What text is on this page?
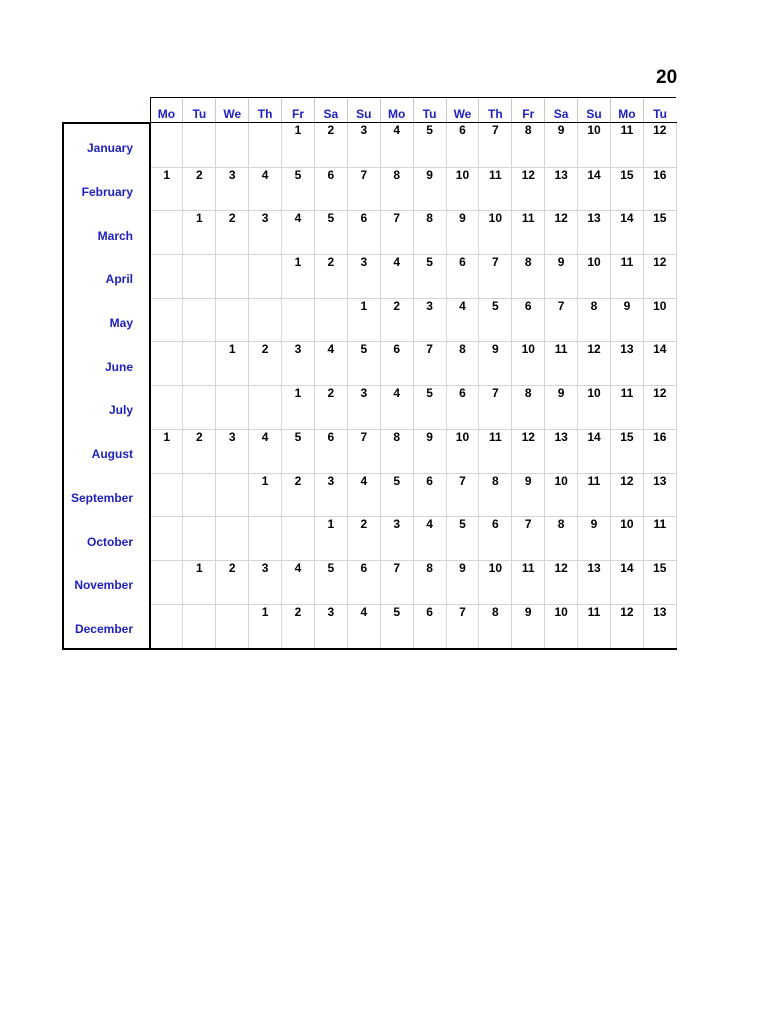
20
	Mo	Tu	We	Th	Fr	Sa	Su	Mo	Tu	We	Th	Fr	Sa	Su	Mo	Tu
January					1	2	3	4	5	6	7	8	9	10	11	12
February	1	2	3	4	5	6	7	8	9	10	11	12	13	14	15	16
March		1	2	3	4	5	6	7	8	9	10	11	12	13	14	15
April					1	2	3	4	5	6	7	8	9	10	11	12
May							1	2	3	4	5	6	7	8	9	10
June			1	2	3	4	5	6	7	8	9	10	11	12	13	14
July					1	2	3	4	5	6	7	8	9	10	11	12
August	1	2	3	4	5	6	7	8	9	10	11	12	13	14	15	16
September				1	2	3	4	5	6	7	8	9	10	11	12	13
October						1	2	3	4	5	6	7	8	9	10	11
November		1	2	3	4	5	6	7	8	9	10	11	12	13	14	15
December				1	2	3	4	5	6	7	8	9	10	11	12	13
